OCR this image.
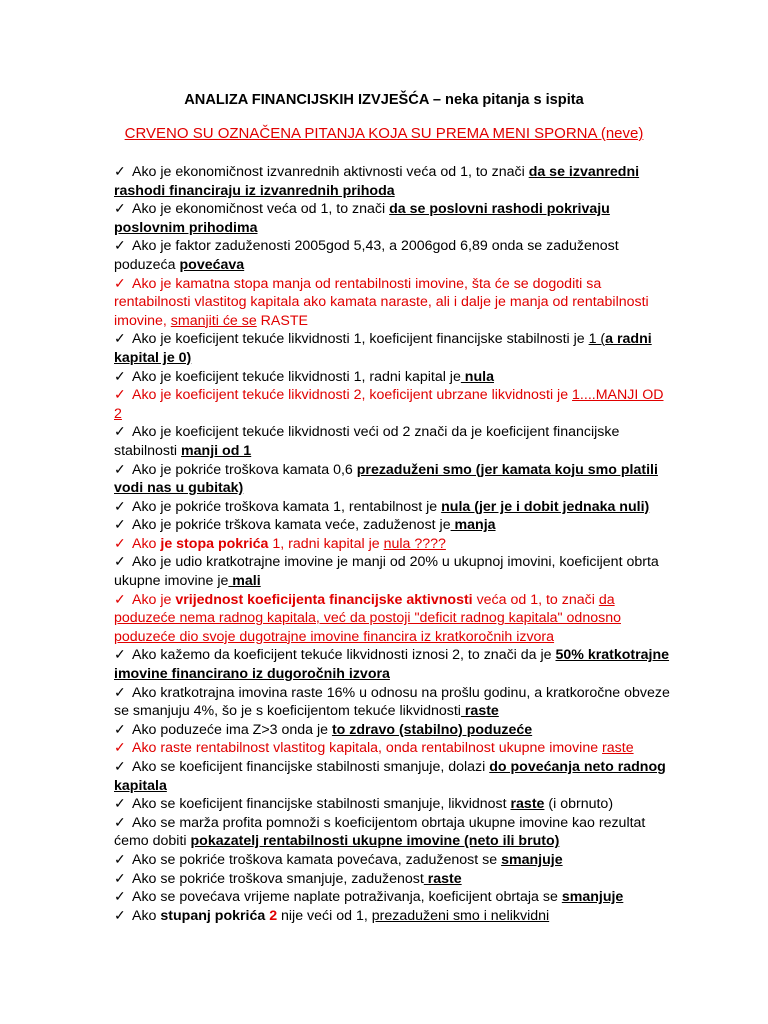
ANALIZA FINANCIJSKIH IZVJEŠĆA – neka pitanja s ispita

CRVENO SU OZNAČENA PITANJA KOJA SU PREMA MENI SPORNA (neve)

✓ Ako je ekonomičnost izvanrednih aktivnosti veća od 1, to znači da se izvanredni rashodi financiraju iz izvanrednih prihoda
✓ Ako je ekonomičnost veća od 1, to znači da se poslovni rashodi pokrivaju poslovnim prihodima
✓ Ako je faktor zaduženosti 2005god 5,43, a 2006god 6,89 onda se zaduženost poduzeća povećava
✓ Ako je kamatna stopa manja od rentabilnosti imovine, šta će se dogoditi sa rentabilnosti vlastitog kapitala ako kamata naraste, ali i dalje je manja od rentabilnosti imovine, smanjiti će se RASTE
✓ Ako je koeficijent tekuće likvidnosti 1, koeficijent financijske stabilnosti je 1 (a radni kapital je 0)
✓ Ako je koeficijent tekuće likvidnosti 1, radni kapital je nula
✓ Ako je koeficijent tekuće likvidnosti 2, koeficijent ubrzane likvidnosti je 1....MANJI OD 2
✓ Ako je koeficijent tekuće likvidnosti veći od 2 znači da je koeficijent financijske stabilnosti manji od 1
✓ Ako je pokriće troškova kamata 0,6 prezaduženi smo (jer kamata koju smo platili vodi nas u gubitak)
✓ Ako je pokriće troškova kamata 1, rentabilnost je nula (jer je i dobit jednaka nuli)
✓ Ako je pokriće trškova kamata veće, zaduženost je manja
✓ Ako je stopa pokrića 1, radni kapital je nula ????
✓ Ako je udio kratkotrajne imovine je manji od 20% u ukupnoj imovini, koeficijent obrta ukupne imovine je mali
✓ Ako je vrijednost koeficijenta financijske aktivnosti veća od 1, to znači da poduzeće nema radnog kapitala, već da postoji "deficit radnog kapitala" odnosno poduzeće dio svoje dugotrajne imovine financira iz kratkoročnih izvora
✓ Ako kažemo da koeficijent tekuće likvidnosti iznosi 2, to znači da je 50% kratkotrajne imovine financirano iz dugoročnih izvora
✓ Ako kratkotrajna imovina raste 16% u odnosu na prošlu godinu, a kratkoročne obveze se smanjuju 4%, šo je s koeficijentom tekuće likvidnosti raste
✓ Ako poduzeće ima Z>3 onda je to zdravo (stabilno) poduzeće
✓ Ako raste rentabilnost vlastitog kapitala, onda rentabilnost ukupne imovine raste
✓ Ako se koeficijent financijske stabilnosti smanjuje, dolazi do povećanja neto radnog kapitala
✓ Ako se koeficijent financijske stabilnosti smanjuje, likvidnost raste (i obrnuto)
✓ Ako se marža profita pomnoži s koeficijentom obrtaja ukupne imovine kao rezultat ćemo dobiti pokazatelj rentabilnosti ukupne imovine (neto ili bruto)
✓ Ako se pokriće troškova kamata povećava, zaduženost se smanjuje
✓ Ako se pokriće troškova smanjuje, zaduženost raste
✓ Ako se povećava vrijeme naplate potraživanja, koeficijent obrtaja se smanjuje
✓ Ako stupanj pokrića 2 nije veći od 1, prezaduženi smo i nelikvidni
